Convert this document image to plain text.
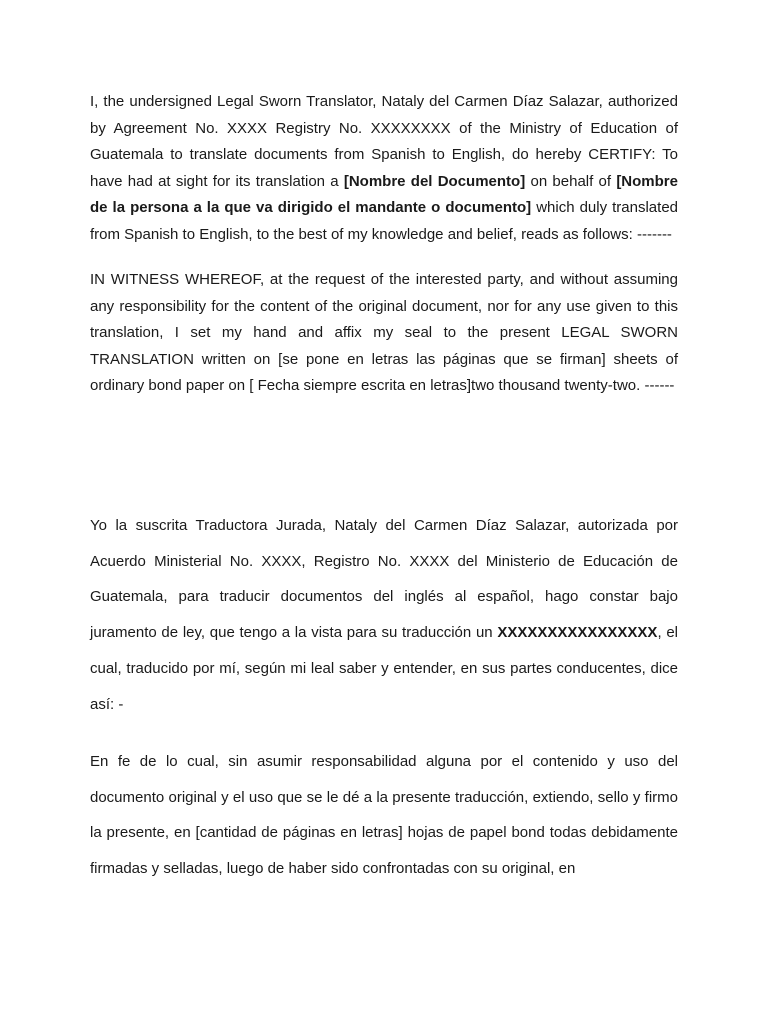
I, the undersigned Legal Sworn Translator, Nataly del Carmen Díaz Salazar, authorized by Agreement No. XXXX Registry No. XXXXXXXX of the Ministry of Education of Guatemala to translate documents from Spanish to English, do hereby CERTIFY: To have had at sight for its translation a [Nombre del Documento] on behalf of [Nombre de la persona a la que va dirigido el mandante o documento] which duly translated from Spanish to English, to the best of my knowledge and belief, reads as follows: -------

IN WITNESS WHEREOF, at the request of the interested party, and without assuming any responsibility for the content of the original document, nor for any use given to this translation, I set my hand and affix my seal to the present LEGAL SWORN TRANSLATION written on [se pone en letras las páginas que se firman] sheets of ordinary bond paper on [ Fecha siempre escrita en letras]two thousand twenty-two. ------

Yo la suscrita Traductora Jurada, Nataly del Carmen Díaz Salazar, autorizada por Acuerdo Ministerial No. XXXX, Registro No. XXXX del Ministerio de Educación de Guatemala, para traducir documentos del inglés al español, hago constar bajo juramento de ley, que tengo a la vista para su traducción un XXXXXXXXXXXXXXXX, el cual, traducido por mí, según mi leal saber y entender, en sus partes conducentes, dice así: -

En fe de lo cual, sin asumir responsabilidad alguna por el contenido y uso del documento original y el uso que se le dé a la presente traducción, extiendo, sello y firmo la presente, en [cantidad de páginas en letras] hojas de papel bond todas debidamente firmadas y selladas, luego de haber sido confrontadas con su original, en
